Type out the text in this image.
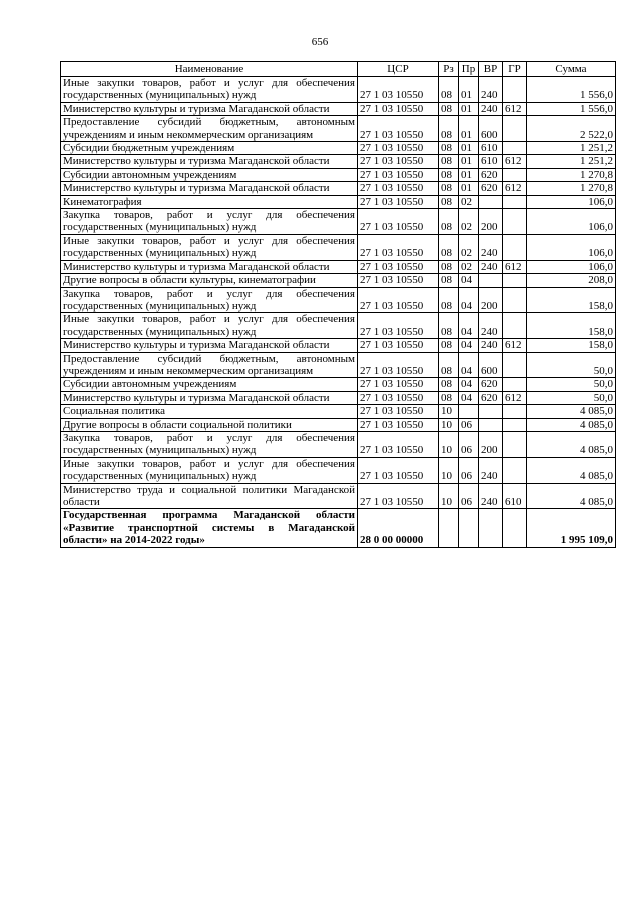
656
Наименование	ЦСР	Рз	Пр	ВР	ГР	Сумма
Иные закупки товаров, работ и услуг для обеспечения государственных (муниципальных) нужд	27 1 03 10550	08	01	240		1 556,0
Министерство культуры и туризма Магаданской области	27 1 03 10550	08	01	240	612	1 556,0
Предоставление субсидий бюджетным, автономным учреждениям и иным некоммерческим организациям	27 1 03 10550	08	01	600		2 522,0
Субсидии бюджетным учреждениям	27 1 03 10550	08	01	610		1 251,2
Министерство культуры и туризма Магаданской области	27 1 03 10550	08	01	610	612	1 251,2
Субсидии автономным учреждениям	27 1 03 10550	08	01	620		1 270,8
Министерство культуры и туризма Магаданской области	27 1 03 10550	08	01	620	612	1 270,8
Кинематография	27 1 03 10550	08	02			106,0
Закупка товаров, работ и услуг для обеспечения государственных (муниципальных) нужд	27 1 03 10550	08	02	200		106,0
Иные закупки товаров, работ и услуг для обеспечения государственных (муниципальных) нужд	27 1 03 10550	08	02	240		106,0
Министерство культуры и туризма Магаданской области	27 1 03 10550	08	02	240	612	106,0
Другие вопросы в области культуры, кинематографии	27 1 03 10550	08	04			208,0
Закупка товаров, работ и услуг для обеспечения государственных (муниципальных) нужд	27 1 03 10550	08	04	200		158,0
Иные закупки товаров, работ и услуг для обеспечения государственных (муниципальных) нужд	27 1 03 10550	08	04	240		158,0
Министерство культуры и туризма Магаданской области	27 1 03 10550	08	04	240	612	158,0
Предоставление субсидий бюджетным, автономным учреждениям и иным некоммерческим организациям	27 1 03 10550	08	04	600		50,0
Субсидии автономным учреждениям	27 1 03 10550	08	04	620		50,0
Министерство культуры и туризма Магаданской области	27 1 03 10550	08	04	620	612	50,0
Социальная политика	27 1 03 10550	10				4 085,0
Другие вопросы в области социальной политики	27 1 03 10550	10	06			4 085,0
Закупка товаров, работ и услуг для обеспечения государственных (муниципальных) нужд	27 1 03 10550	10	06	200		4 085,0
Иные закупки товаров, работ и услуг для обеспечения государственных (муниципальных) нужд	27 1 03 10550	10	06	240		4 085,0
Министерство труда и социальной политики Магаданской области	27 1 03 10550	10	06	240	610	4 085,0
Государственная программа Магаданской области «Развитие транспортной системы в Магаданской области» на 2014-2022 годы»	28 0 00 00000					1 995 109,0
